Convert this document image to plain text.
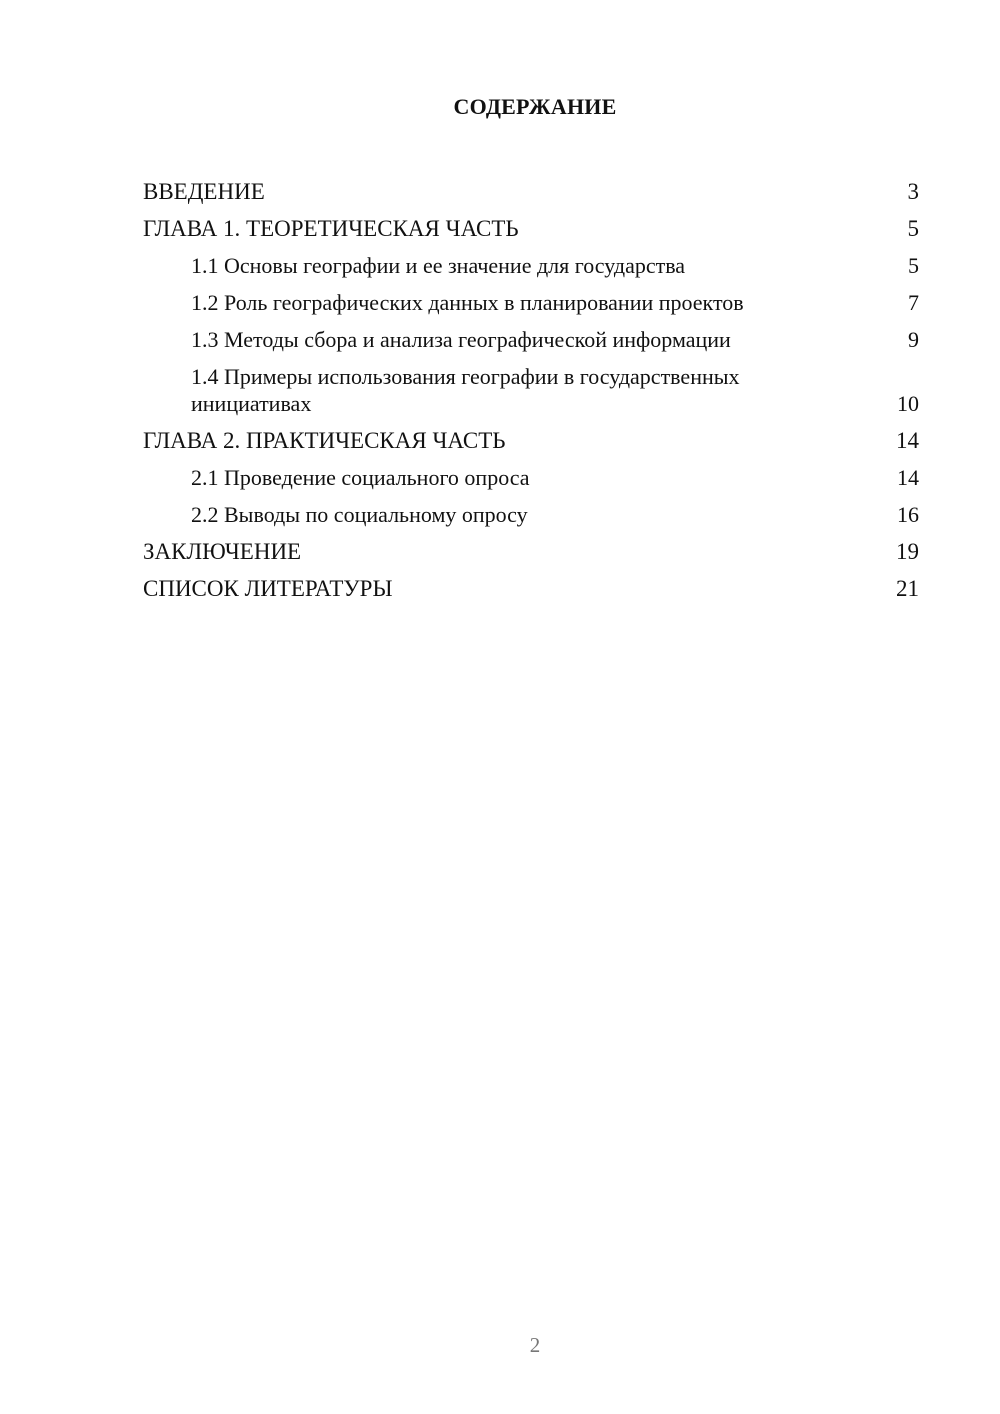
СОДЕРЖАНИЕ
ВВЕДЕНИЕ	3
ГЛАВА 1. ТЕОРЕТИЧЕСКАЯ ЧАСТЬ	5
1.1 Основы географии и ее значение для государства	5
1.2 Роль географических данных в планировании проектов	7
1.3 Методы сбора и анализа географической информации	9
1.4 Примеры использования географии в государственных инициативах	10
ГЛАВА 2. ПРАКТИЧЕСКАЯ ЧАСТЬ	14
2.1 Проведение социального опроса	14
2.2 Выводы по социальному опросу	16
ЗАКЛЮЧЕНИЕ	19
СПИСОК ЛИТЕРАТУРЫ	21
2
